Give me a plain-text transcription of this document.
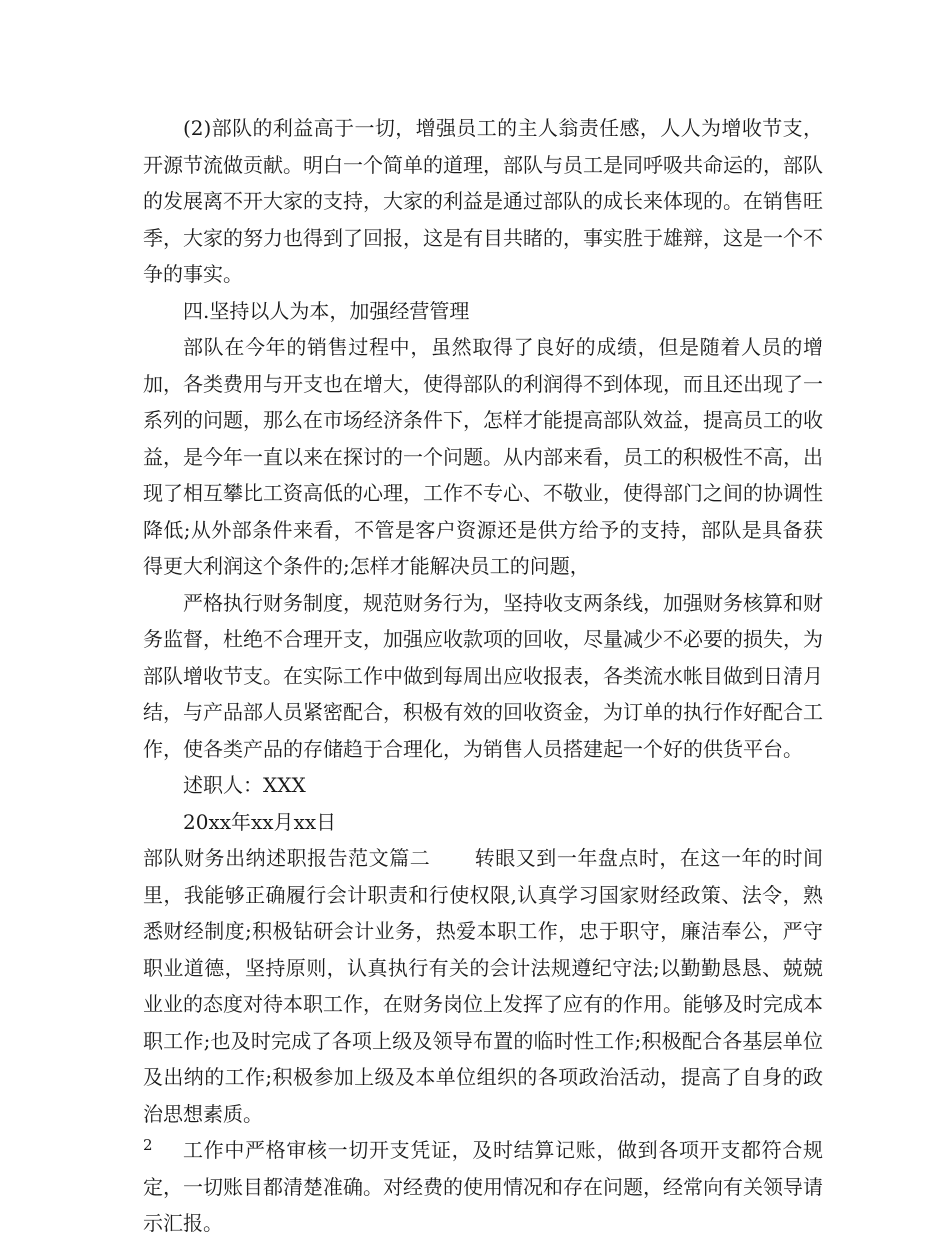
(2)部队的利益高于一切，增强员工的主人翁责任感，人人为增收节支，开源节流做贡献。明白一个简单的道理，部队与员工是同呼吸共命运的，部队的发展离不开大家的支持，大家的利益是通过部队的成长来体现的。在销售旺季，大家的努力也得到了回报，这是有目共睹的，事实胜于雄辩，这是一个不争的事实。

四.坚持以人为本，加强经营管理

部队在今年的销售过程中，虽然取得了良好的成绩，但是随着人员的增加，各类费用与开支也在增大，使得部队的利润得不到体现，而且还出现了一系列的问题，那么在市场经济条件下，怎样才能提高部队效益，提高员工的收益，是今年一直以来在探讨的一个问题。从内部来看，员工的积极性不高，出现了相互攀比工资高低的心理，工作不专心、不敬业，使得部门之间的协调性降低;从外部条件来看，不管是客户资源还是供方给予的支持，部队是具备获得更大利润这个条件的;怎样才能解决员工的问题，

严格执行财务制度，规范财务行为，坚持收支两条线，加强财务核算和财务监督，杜绝不合理开支，加强应收款项的回收，尽量减少不必要的损失，为部队增收节支。在实际工作中做到每周出应收报表，各类流水帐目做到日清月结，与产品部人员紧密配合，积极有效的回收资金，为订单的执行作好配合工作，使各类产品的存储趋于合理化，为销售人员搭建起一个好的供货平台。

述职人：XXX

20xx年xx月xx日

部队财务出纳述职报告范文篇二 转眼又到一年盘点时，在这一年的时间里，我能够正确履行会计职责和行使权限,认真学习国家财经政策、法令，熟悉财经制度;积极钻研会计业务，热爱本职工作，忠于职守，廉洁奉公，严守职业道德，坚持原则，认真执行有关的会计法规遵纪守法;以勤勤恳恳、兢兢业业的态度对待本职工作，在财务岗位上发挥了应有的作用。能够及时完成本职工作;也及时完成了各项上级及领导布置的临时性工作;积极配合各基层单位及出纳的工作;积极参加上级及本单位组织的各项政治活动，提高了自身的政治思想素质。

工作中严格审核一切开支凭证，及时结算记账，做到各项开支都符合规定，一切账目都清楚准确。对经费的使用情况和存在问题，经常向有关领导请示汇报。

2
